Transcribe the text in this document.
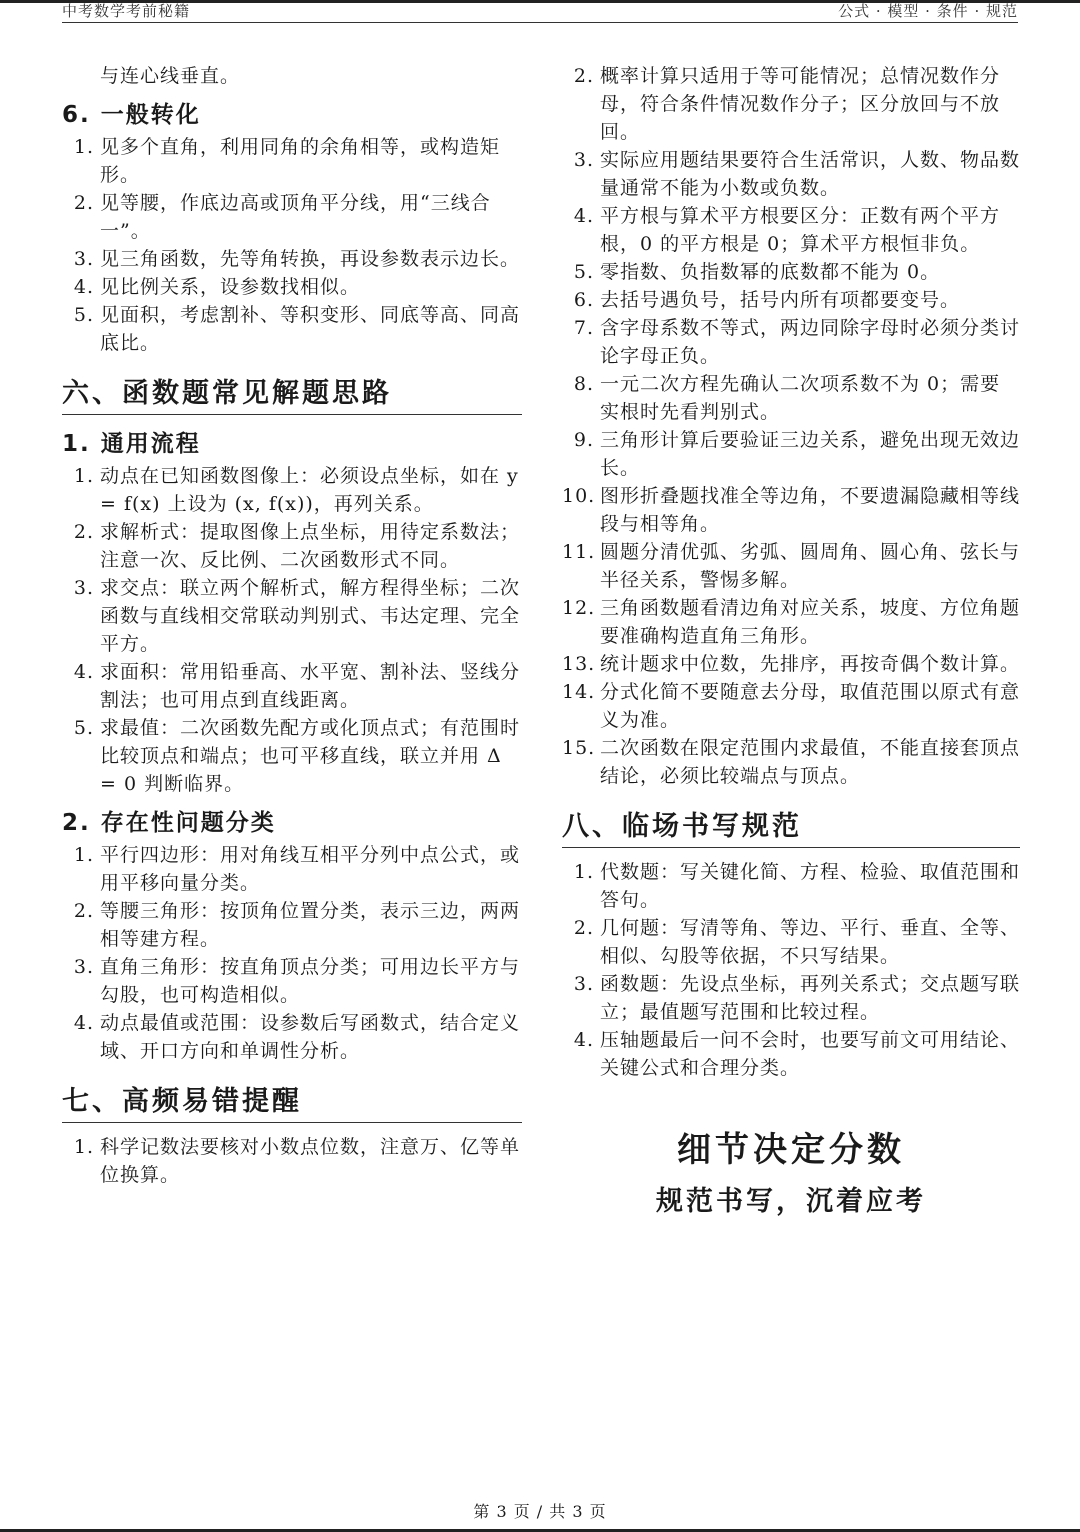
中考数学考前秘籍	公式 · 模型 · 条件 · 规范
与连心线垂直。
6. 一般转化
1. 见多个直角，利用同角的余角相等，或构造矩形。
2. 见等腰，作底边高或顶角平分线，用“三线合一”。
3. 见三角函数，先等角转换，再设参数表示边长。
4. 见比例关系，设参数找相似。
5. 见面积，考虑割补、等积变形、同底等高、同高底比。
六、函数题常见解题思路
1. 通用流程
1. 动点在已知函数图像上：必须设点坐标，如在 y = f(x) 上设为 (x, f(x))，再列关系。
2. 求解析式：提取图像上点坐标，用待定系数法；注意一次、反比例、二次函数形式不同。
3. 求交点：联立两个解析式，解方程得坐标；二次函数与直线相交常联动判别式、韦达定理、完全平方。
4. 求面积：常用铅垂高、水平宽、割补法、竖线分割法；也可用点到直线距离。
5. 求最值：二次函数先配方或化顶点式；有范围时比较顶点和端点；也可平移直线，联立并用 Δ = 0 判断临界。
2. 存在性问题分类
1. 平行四边形：用对角线互相平分列中点公式，或用平移向量分类。
2. 等腰三角形：按顶角位置分类，表示三边，两两相等建方程。
3. 直角三角形：按直角顶点分类；可用边长平方与勾股，也可构造相似。
4. 动点最值或范围：设参数后写函数式，结合定义域、开口方向和单调性分析。
七、高频易错提醒
1. 科学记数法要核对小数点位数，注意万、亿等单位换算。
2. 概率计算只适用于等可能情况；总情况数作分母，符合条件情况数作分子；区分放回与不放回。
3. 实际应用题结果要符合生活常识，人数、物品数量通常不能为小数或负数。
4. 平方根与算术平方根要区分：正数有两个平方根，0 的平方根是 0；算术平方根恒非负。
5. 零指数、负指数幂的底数都不能为 0。
6. 去括号遇负号，括号内所有项都要变号。
7. 含字母系数不等式，两边同除字母时必须分类讨论字母正负。
8. 一元二次方程先确认二次项系数不为 0；需要实根时先看判别式。
9. 三角形计算后要验证三边关系，避免出现无效边长。
10. 图形折叠题找准全等边角，不要遗漏隐藏相等线段与相等角。
11. 圆题分清优弧、劣弧、圆周角、圆心角、弦长与半径关系，警惕多解。
12. 三角函数题看清边角对应关系，坡度、方位角题要准确构造直角三角形。
13. 统计题求中位数，先排序，再按奇偶个数计算。
14. 分式化简不要随意去分母，取值范围以原式有意义为准。
15. 二次函数在限定范围内求最值，不能直接套顶点结论，必须比较端点与顶点。
八、临场书写规范
1. 代数题：写关键化简、方程、检验、取值范围和答句。
2. 几何题：写清等角、等边、平行、垂直、全等、相似、勾股等依据，不只写结果。
3. 函数题：先设点坐标，再列关系式；交点题写联立；最值题写范围和比较过程。
4. 压轴题最后一问不会时，也要写前文可用结论、关键公式和合理分类。
细节决定分数
规范书写，沉着应考
第 3 页 / 共 3 页
